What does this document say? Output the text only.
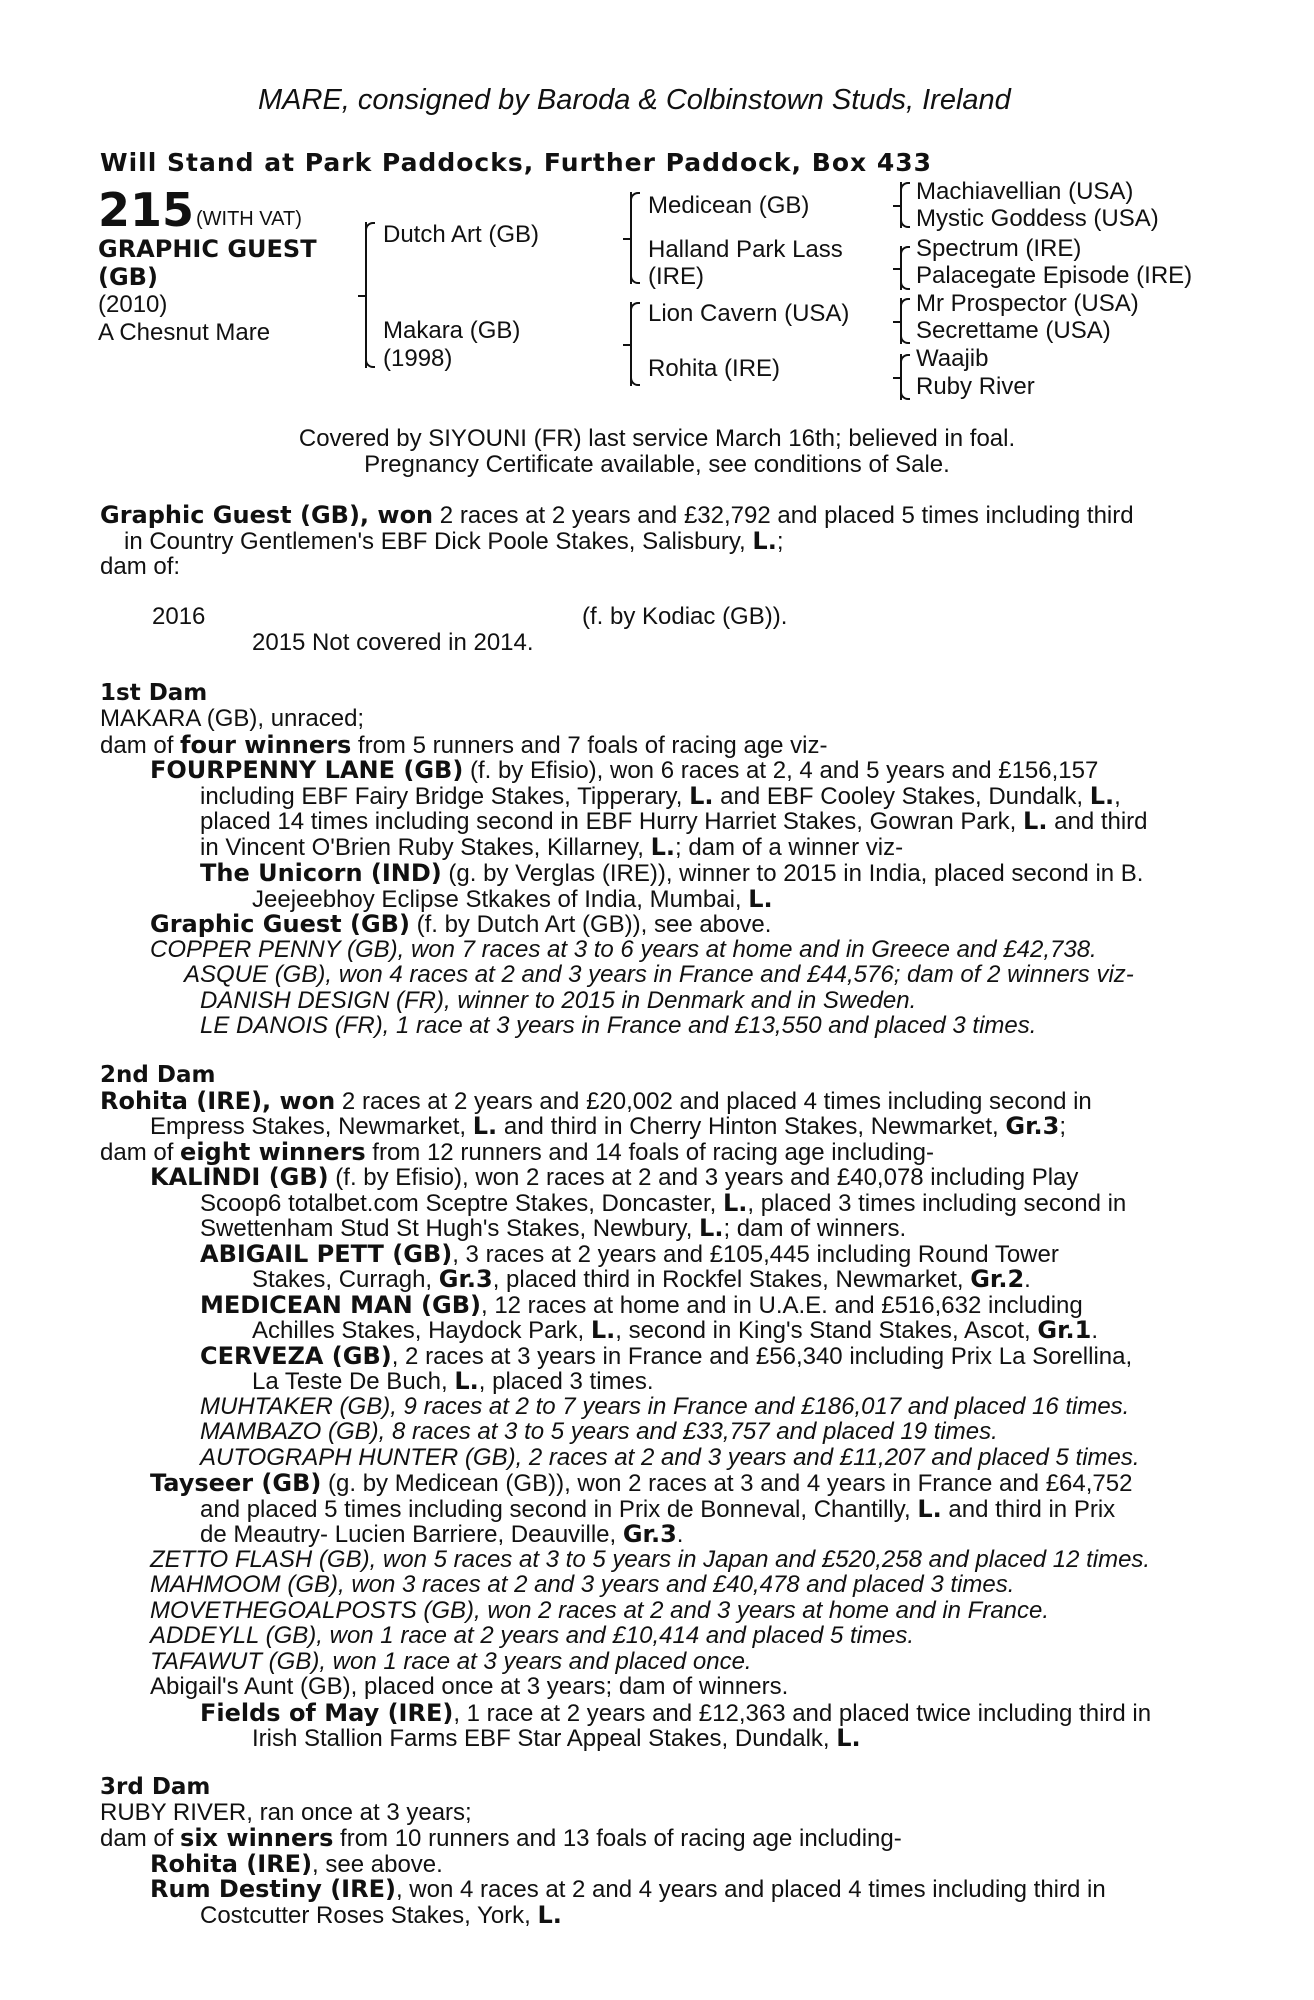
MARE, consigned by Baroda & Colbinstown Studs, Ireland
Will Stand at Park Paddocks, Further Paddock, Box 433
215 (WITH VAT)
GRAPHIC GUEST
(GB)
(2010)
A Chesnut Mare
Dutch Art (GB)
Makara (GB)
(1998)
Medicean (GB)
Halland Park Lass
(IRE)
Lion Cavern (USA)
Rohita (IRE)
Machiavellian (USA)
Mystic Goddess (USA)
Spectrum (IRE)
Palacegate Episode (IRE)
Mr Prospector (USA)
Secrettame (USA)
Waajib
Ruby River
Covered by SIYOUNI (FR) last service March 16th; believed in foal.
Pregnancy Certificate available, see conditions of Sale.
Graphic Guest (GB), won 2 races at 2 years and £32,792 and placed 5 times including third
in Country Gentlemen's EBF Dick Poole Stakes, Salisbury, L.;
dam of:
2016	(f. by Kodiac (GB)).
2015 Not covered in 2014.
1st Dam
MAKARA (GB), unraced;
dam of four winners from 5 runners and 7 foals of racing age viz-
FOURPENNY LANE (GB) (f. by Efisio), won 6 races at 2, 4 and 5 years and £156,157
including EBF Fairy Bridge Stakes, Tipperary, L. and EBF Cooley Stakes, Dundalk, L.,
placed 14 times including second in EBF Hurry Harriet Stakes, Gowran Park, L. and third
in Vincent O'Brien Ruby Stakes, Killarney, L.; dam of a winner viz-
The Unicorn (IND) (g. by Verglas (IRE)), winner to 2015 in India, placed second in B.
Jeejeebhoy Eclipse Stkakes of India, Mumbai, L.
Graphic Guest (GB) (f. by Dutch Art (GB)), see above.
COPPER PENNY (GB), won 7 races at 3 to 6 years at home and in Greece and £42,738.
ASQUE (GB), won 4 races at 2 and 3 years in France and £44,576; dam of 2 winners viz-
DANISH DESIGN (FR), winner to 2015 in Denmark and in Sweden.
LE DANOIS (FR), 1 race at 3 years in France and £13,550 and placed 3 times.
2nd Dam
Rohita (IRE), won 2 races at 2 years and £20,002 and placed 4 times including second in
Empress Stakes, Newmarket, L. and third in Cherry Hinton Stakes, Newmarket, Gr.3;
dam of eight winners from 12 runners and 14 foals of racing age including-
KALINDI (GB) (f. by Efisio), won 2 races at 2 and 3 years and £40,078 including Play
Scoop6 totalbet.com Sceptre Stakes, Doncaster, L., placed 3 times including second in
Swettenham Stud St Hugh's Stakes, Newbury, L.; dam of winners.
ABIGAIL PETT (GB), 3 races at 2 years and £105,445 including Round Tower
Stakes, Curragh, Gr.3, placed third in Rockfel Stakes, Newmarket, Gr.2.
MEDICEAN MAN (GB), 12 races at home and in U.A.E. and £516,632 including
Achilles Stakes, Haydock Park, L., second in King's Stand Stakes, Ascot, Gr.1.
CERVEZA (GB), 2 races at 3 years in France and £56,340 including Prix La Sorellina,
La Teste De Buch, L., placed 3 times.
MUHTAKER (GB), 9 races at 2 to 7 years in France and £186,017 and placed 16 times.
MAMBAZO (GB), 8 races at 3 to 5 years and £33,757 and placed 19 times.
AUTOGRAPH HUNTER (GB), 2 races at 2 and 3 years and £11,207 and placed 5 times.
Tayseer (GB) (g. by Medicean (GB)), won 2 races at 3 and 4 years in France and £64,752
and placed 5 times including second in Prix de Bonneval, Chantilly, L. and third in Prix
de Meautry- Lucien Barriere, Deauville, Gr.3.
ZETTO FLASH (GB), won 5 races at 3 to 5 years in Japan and £520,258 and placed 12 times.
MAHMOOM (GB), won 3 races at 2 and 3 years and £40,478 and placed 3 times.
MOVETHEGOALPOSTS (GB), won 2 races at 2 and 3 years at home and in France.
ADDEYLL (GB), won 1 race at 2 years and £10,414 and placed 5 times.
TAFAWUT (GB), won 1 race at 3 years and placed once.
Abigail's Aunt (GB), placed once at 3 years; dam of winners.
Fields of May (IRE), 1 race at 2 years and £12,363 and placed twice including third in
Irish Stallion Farms EBF Star Appeal Stakes, Dundalk, L.
3rd Dam
RUBY RIVER, ran once at 3 years;
dam of six winners from 10 runners and 13 foals of racing age including-
Rohita (IRE), see above.
Rum Destiny (IRE), won 4 races at 2 and 4 years and placed 4 times including third in
Costcutter Roses Stakes, York, L.
